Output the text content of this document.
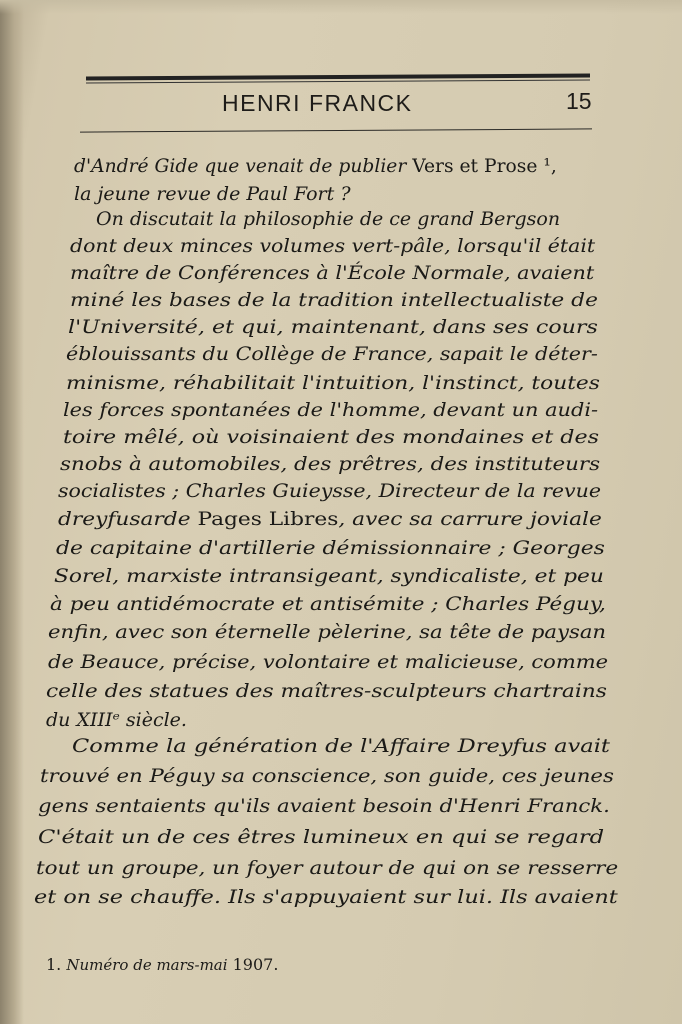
HENRI FRANCK	15
d'André Gide que venait de publier Vers et Prose ¹,
la jeune revue de Paul Fort ?
On discutait la philosophie de ce grand Bergson
dont deux minces volumes vert-pâle, lorsqu'il était
maître de Conférences à l'École Normale, avaient
miné les bases de la tradition intellectualiste de
l'Université, et qui, maintenant, dans ses cours
éblouissants du Collège de France, sapait le déter-
minisme, réhabilitait l'intuition, l'instinct, toutes
les forces spontanées de l'homme, devant un audi-
toire mêlé, où voisinaient des mondaines et des
snobs à automobiles, des prêtres, des instituteurs
socialistes ; Charles Guieysse, Directeur de la revue
dreyfusarde Pages Libres, avec sa carrure joviale
de capitaine d'artillerie démissionnaire ; Georges
Sorel, marxiste intransigeant, syndicaliste, et peu
à peu antidémocrate et antisémite ; Charles Péguy,
enfin, avec son éternelle pèlerine, sa tête de paysan
de Beauce, précise, volontaire et malicieuse, comme
celle des statues des maîtres-sculpteurs chartrains
du XIIIᵉ siècle.
Comme la génération de l'Affaire Dreyfus avait
trouvé en Péguy sa conscience, son guide, ces jeunes
gens sentaients qu'ils avaient besoin d'Henri Franck.
C'était un de ces êtres lumineux en qui se regard
tout un groupe, un foyer autour de qui on se resserre
et on se chauffe. Ils s'appuyaient sur lui. Ils avaient
1. Numéro de mars-mai 1907.
